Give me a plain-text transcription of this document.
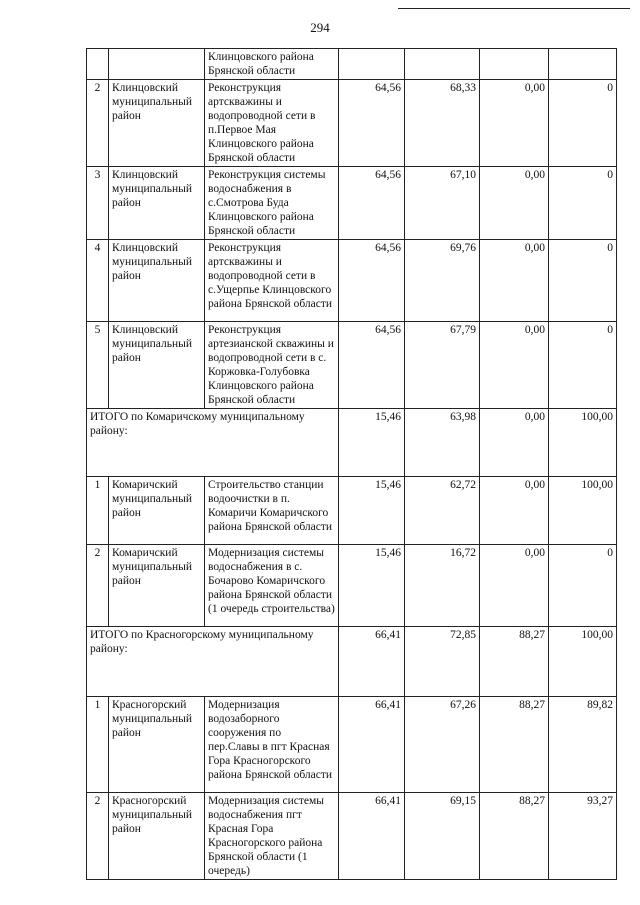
294
		Клинцовского района Брянской области				
2	Клинцовский муниципальный район	Реконструкция артскважины и водопроводной сети в п.Первое Мая Клинцовского района Брянской области	64,56	68,33	0,00	0
3	Клинцовский муниципальный район	Реконструкция системы водоснабжения в с.Смотрова Буда Клинцовского района Брянской области	64,56	67,10	0,00	0
4	Клинцовский муниципальный район	Реконструкция артскважины и водопроводной сети в с.Ущерпье Клинцовского района Брянской области	64,56	69,76	0,00	0
5	Клинцовский муниципальный район	Реконструкция артезианской скважины и водопроводной сети в с. Коржовка-Голубовка Клинцовского района Брянской области	64,56	67,79	0,00	0
ИТОГО по Комаричскому муниципальному району:			15,46	63,98	0,00	100,00
1	Комаричский муниципальный район	Строительство станции водоочистки в п. Комаричи Комаричского района Брянской области	15,46	62,72	0,00	100,00
2	Комаричский муниципальный район	Модернизация системы водоснабжения в с. Бочарово Комаричского района Брянской области (1 очередь строительства)	15,46	16,72	0,00	0
ИТОГО по Красногорскому муниципальному району:			66,41	72,85	88,27	100,00
1	Красногорский муниципальный район	Модернизация водозаборного сооружения по пер.Славы в пгт Красная Гора Красногорского района Брянской области	66,41	67,26	88,27	89,82
2	Красногорский муниципальный район	Модернизация системы водоснабжения пгт Красная Гора Красногорского района Брянской области (1 очередь)	66,41	69,15	88,27	93,27
